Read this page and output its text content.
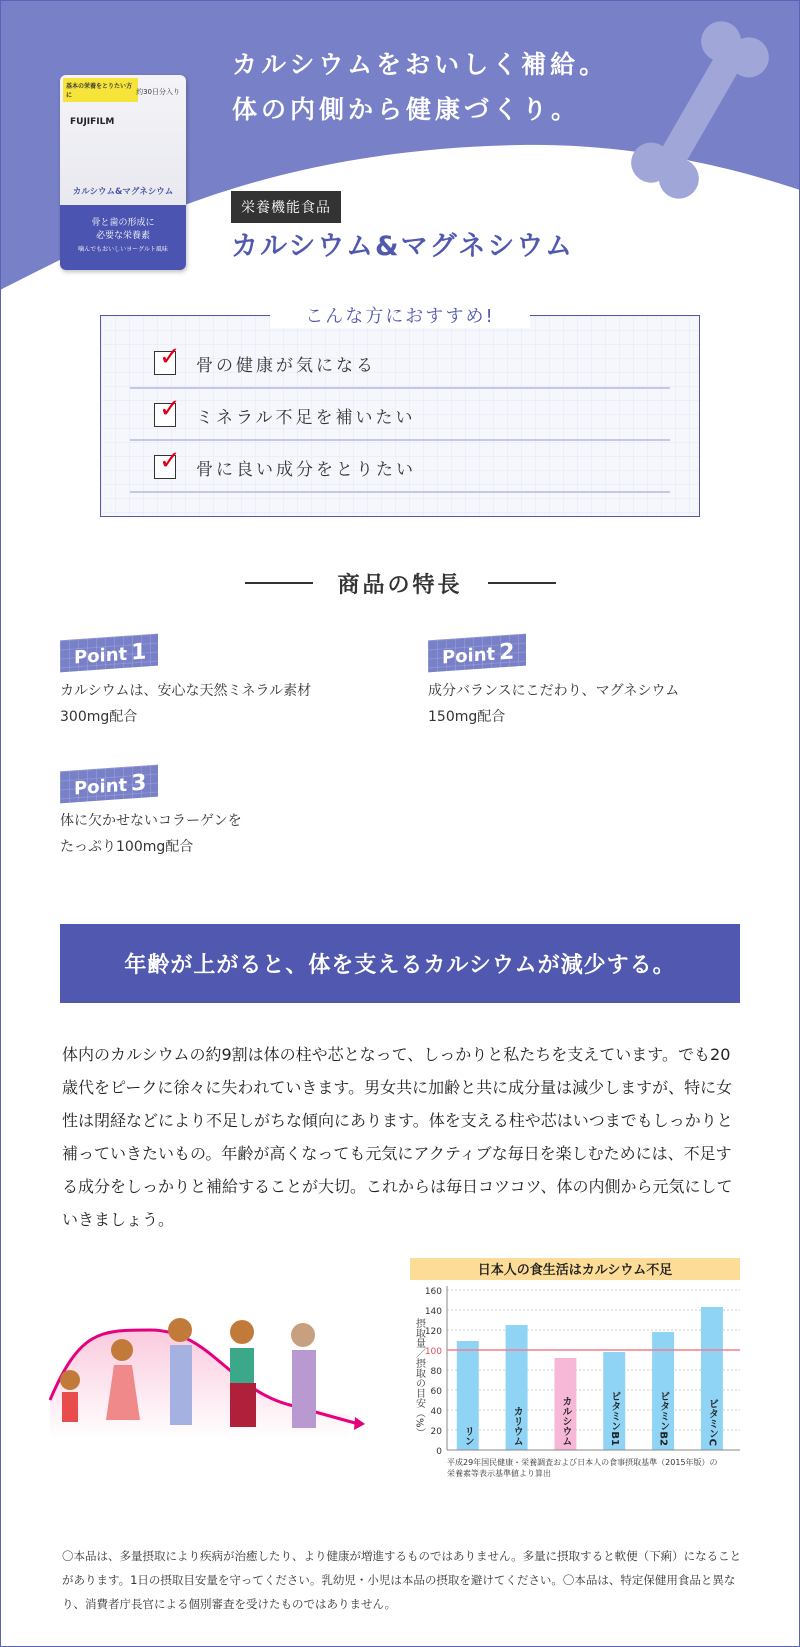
カルシウムをおいしく補給。
体の内側から健康づくり。
栄養機能食品
カルシウム&マグネシウム
基本の栄養をとりたい方に	約30日分入り
FUJIFILM
カルシウム&マグネシウム
骨と歯の形成に
必要な栄養素
噛んでもおいしいヨーグルト風味
こんな方におすすめ!
✓ 骨の健康が気になる
✓ ミネラル不足を補いたい
✓ 骨に良い成分をとりたい
商品の特長
Point 1
カルシウムは、安心な天然ミネラル素材
300mg配合
Point 2
成分バランスにこだわり、マグネシウム
150mg配合
Point 3
体に欠かせないコラーゲンを
たっぷり100mg配合
年齢が上がると、体を支えるカルシウムが減少する。
体内のカルシウムの約9割は体の柱や芯となって、しっかりと私たちを支えています。でも20歳代をピークに徐々に失われていきます。男女共に加齢と共に成分量は減少しますが、特に女性は閉経などにより不足しがちな傾向にあります。体を支える柱や芯はいつまでもしっかりと補っていきたいもの。年齢が高くなっても元気にアクティブな毎日を楽しむためには、不足する成分をしっかりと補給することが大切。これからは毎日コツコツ、体の内側から元気にしていきましょう。
日本人の食生活はカルシウム不足
0
20
40
60
80
100
120
140
160
摂取量／摂取の目安（%）	リン	カリウム	カルシウム	ビタミンB1	ビタミンB2	ビタミンC
平成29年国民健康・栄養調査および日本人の食事摂取基準（2015年版）の
栄養素等表示基準値より算出
〇本品は、多量摂取により疾病が治癒したり、より健康が増進するものではありません。多量に摂取すると軟便（下痢）になることがあります。1日の摂取目安量を守ってください。乳幼児・小児は本品の摂取を避けてください。〇本品は、特定保健用食品と異なり、消費者庁長官による個別審査を受けたものではありません。
